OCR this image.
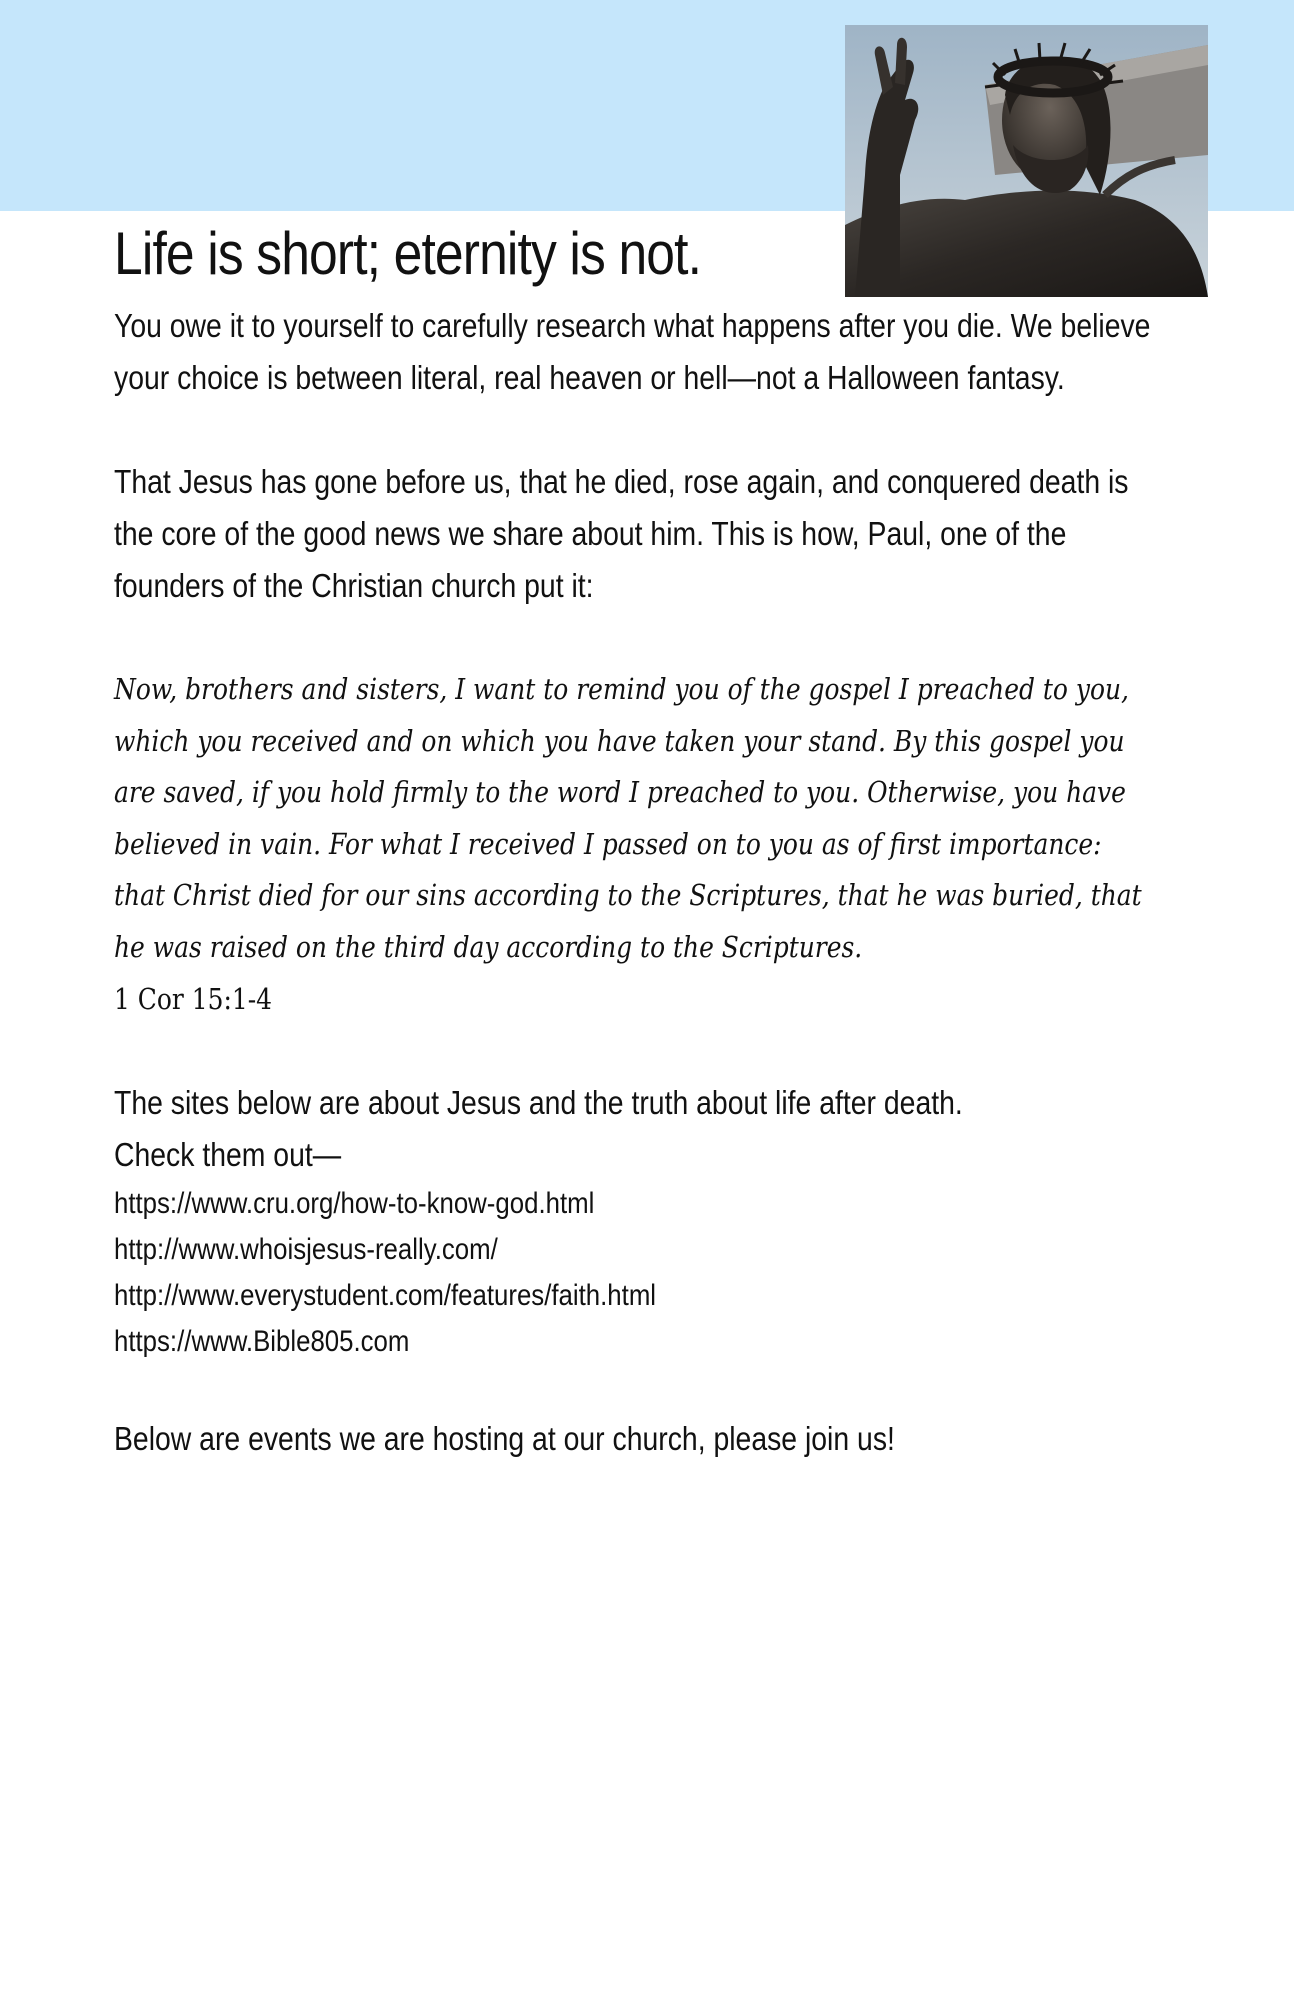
Life is short; eternity is not.

You owe it to yourself to carefully research what happens after you die. We believe your choice is between literal, real heaven or hell—not a Halloween fantasy.

That Jesus has gone before us, that he died, rose again, and conquered death is the core of the good news we share about him. This is how, Paul, one of the founders of the Christian church put it:

Now, brothers and sisters, I want to remind you of the gospel I preached to you, which you received and on which you have taken your stand. By this gospel you are saved, if you hold firmly to the word I preached to you. Otherwise, you have believed in vain. For what I received I passed on to you as of first importance: that Christ died for our sins according to the Scriptures, that he was buried, that he was raised on the third day according to the Scriptures.

1 Cor 15:1-4

The sites below are about Jesus and the truth about life after death.

Check them out—

https://www.cru.org/how-to-know-god.html
http://www.whoisjesus-really.com/
http://www.everystudent.com/features/faith.html
https://www.Bible805.com

Below are events we are hosting at our church, please join us!
